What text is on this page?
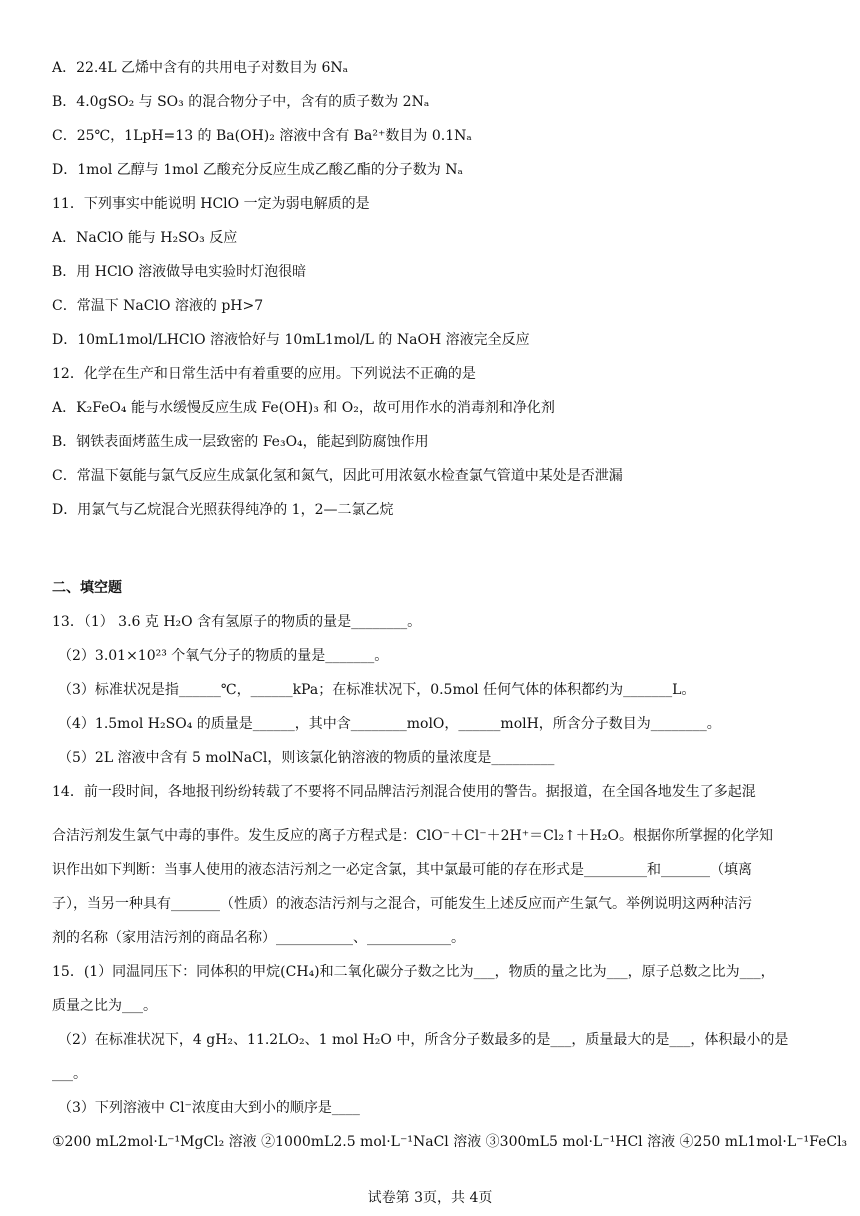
A．22.4L 乙烯中含有的共用电子对数目为 6Nₐ
B．4.0gSO₂ 与 SO₃ 的混合物分子中，含有的质子数为 2Nₐ
C．25℃，1LpH=13 的 Ba(OH)₂ 溶液中含有 Ba²⁺数目为 0.1Nₐ
D．1mol 乙醇与 1mol 乙酸充分反应生成乙酸乙酯的分子数为 Nₐ
11．下列事实中能说明 HClO 一定为弱电解质的是
A．NaClO 能与 H₂SO₃ 反应
B．用 HClO 溶液做导电实验时灯泡很暗
C．常温下 NaClO 溶液的 pH>7
D．10mL1mol/LHClO 溶液恰好与 10mL1mol/L 的 NaOH 溶液完全反应
12．化学在生产和日常生活中有着重要的应用。下列说法不正确的是
A．K₂FeO₄ 能与水缓慢反应生成 Fe(OH)₃ 和 O₂，故可用作水的消毒剂和净化剂
B．钢铁表面烤蓝生成一层致密的 Fe₃O₄，能起到防腐蚀作用
C．常温下氨能与氯气反应生成氯化氢和氮气，因此可用浓氨水检查氯气管道中某处是否泄漏
D．用氯气与乙烷混合光照获得纯净的 1，2—二氯乙烷
二、填空题
13．（1） 3.6 克 H₂O 含有氢原子的物质的量是________。
（2）3.01×10²³ 个氧气分子的物质的量是_______。
（3）标准状况是指______℃，______kPa；在标准状况下，0.5mol 任何气体的体积都约为_______L。
（4）1.5mol H₂SO₄ 的质量是______，其中含________molO，______molH，所含分子数目为________。
（5）2L 溶液中含有 5 molNaCl，则该氯化钠溶液的物质的量浓度是_________
14．前一段时间，各地报刊纷纷转载了不要将不同品牌洁污剂混合使用的警告。据报道，在全国各地发生了多起混
合洁污剂发生氯气中毒的事件。发生反应的离子方程式是：ClO⁻＋Cl⁻＋2H⁺＝Cl₂↑＋H₂O。根据你所掌握的化学知
识作出如下判断：当事人使用的液态洁污剂之一必定含氯，其中氯最可能的存在形式是_________和_______（填离
子），当另一种具有_______（性质）的液态洁污剂与之混合，可能发生上述反应而产生氯气。举例说明这两种洁污
剂的名称（家用洁污剂的商品名称）___________、____________。
15．(1）同温同压下：同体积的甲烷(CH₄)和二氧化碳分子数之比为___，物质的量之比为___，原子总数之比为___，
质量之比为___。
（2）在标准状况下，4 gH₂、11.2LO₂、1 mol H₂O 中，所含分子数最多的是___，质量最大的是___，体积最小的是
___。
（3）下列溶液中 Cl⁻浓度由大到小的顺序是____
①200 mL2mol·L⁻¹MgCl₂ 溶液 ②1000mL2.5 mol·L⁻¹NaCl 溶液 ③300mL5 mol·L⁻¹HCl 溶液 ④250 mL1mol·L⁻¹FeCl₃
试卷第 3页，共 4页
